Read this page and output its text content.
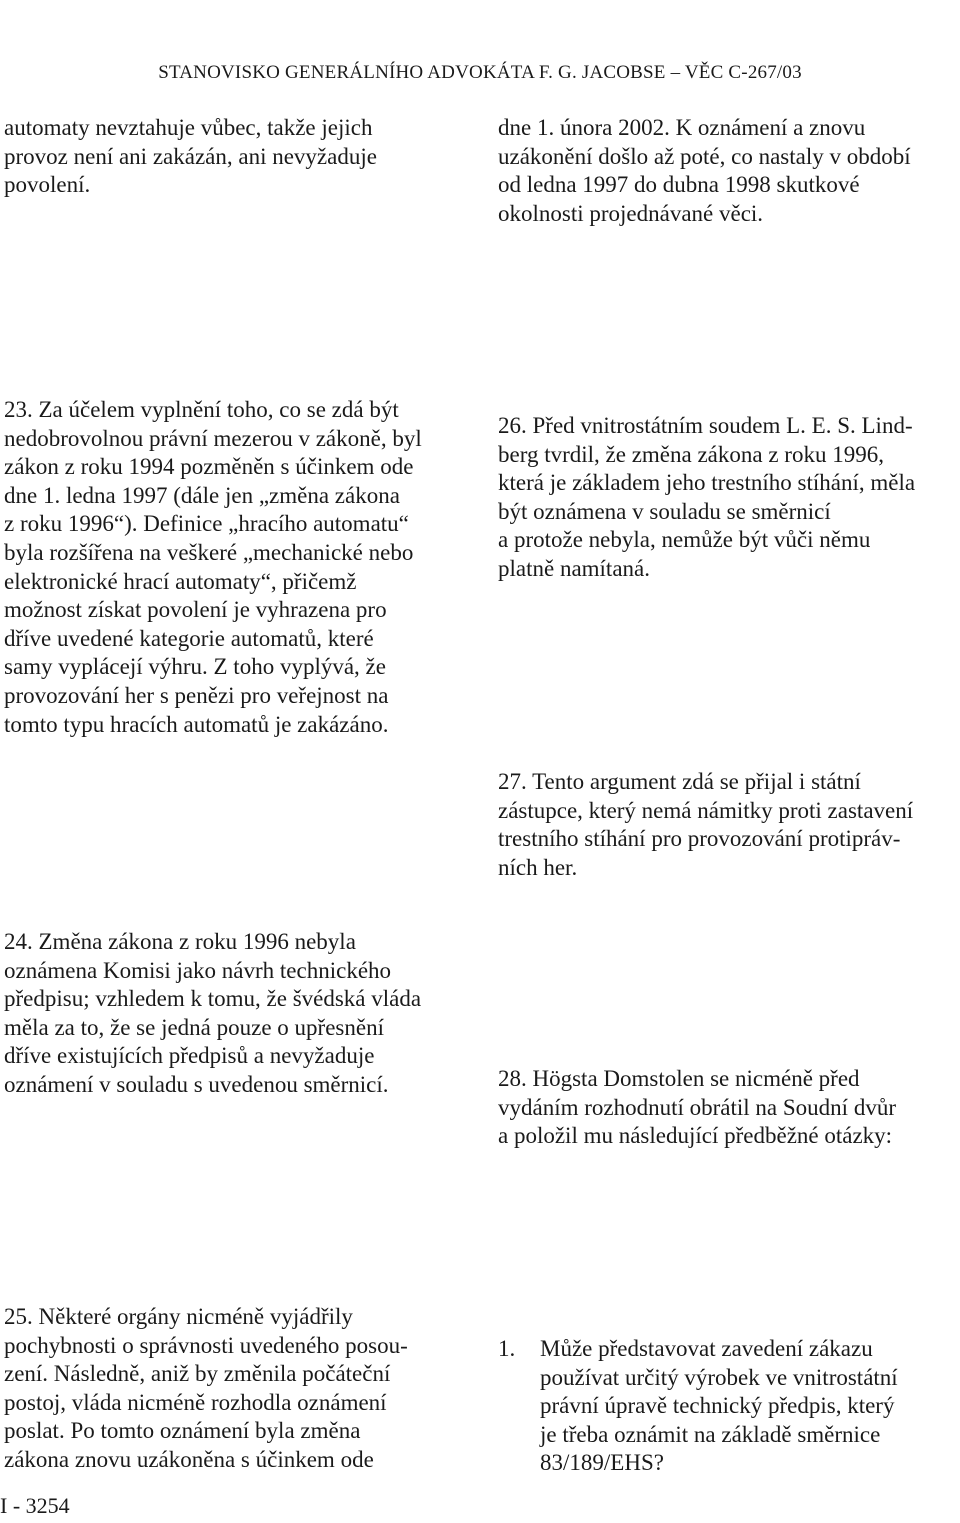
STANOVISKO GENERÁLNÍHO ADVOKÁTA F. G. JACOBSE – VĚC C-267/03
automaty nevztahuje vůbec, takže jejich
provoz není ani zakázán, ani nevyžaduje
povolení.
23. Za účelem vyplnění toho, co se zdá být
nedobrovolnou právní mezerou v zákoně, byl
zákon z roku 1994 pozměněn s účinkem ode
dne 1. ledna 1997 (dále jen „změna zákona
z roku 1996“). Definice „hracího automatu“
byla rozšířena na veškeré „mechanické nebo
elektronické hrací automaty“, přičemž
možnost získat povolení je vyhrazena pro
dříve uvedené kategorie automatů, které
samy vyplácejí výhru. Z toho vyplývá, že
provozování her s penězi pro veřejnost na
tomto typu hracích automatů je zakázáno.
24. Změna zákona z roku 1996 nebyla
oznámena Komisi jako návrh technického
předpisu; vzhledem k tomu, že švédská vláda
měla za to, že se jedná pouze o upřesnění
dříve existujících předpisů a nevyžaduje
oznámení v souladu s uvedenou směrnicí.
25. Některé orgány nicméně vyjádřily
pochybnosti o správnosti uvedeného posou-
zení. Následně, aniž by změnila počáteční
postoj, vláda nicméně rozhodla oznámení
poslat. Po tomto oznámení byla změna
zákona znovu uzákoněna s účinkem ode
dne 1. února 2002. K oznámení a znovu
uzákonění došlo až poté, co nastaly v období
od ledna 1997 do dubna 1998 skutkové
okolnosti projednávané věci.
26. Před vnitrostátním soudem L. E. S. Lind-
berg tvrdil, že změna zákona z roku 1996,
která je základem jeho trestního stíhání, měla
být oznámena v souladu se směrnicí
a protože nebyla, nemůže být vůči němu
platně namítaná.
27. Tento argument zdá se přijal i státní
zástupce, který nemá námitky proti zastavení
trestního stíhání pro provozování protipráv-
ních her.
28. Högsta Domstolen se nicméně před
vydáním rozhodnutí obrátil na Soudní dvůr
a položil mu následující předběžné otázky:
1. Může představovat zavedení zákazu
používat určitý výrobek ve vnitrostátní
právní úpravě technický předpis, který
je třeba oznámit na základě směrnice
83/189/EHS?
I - 3254
